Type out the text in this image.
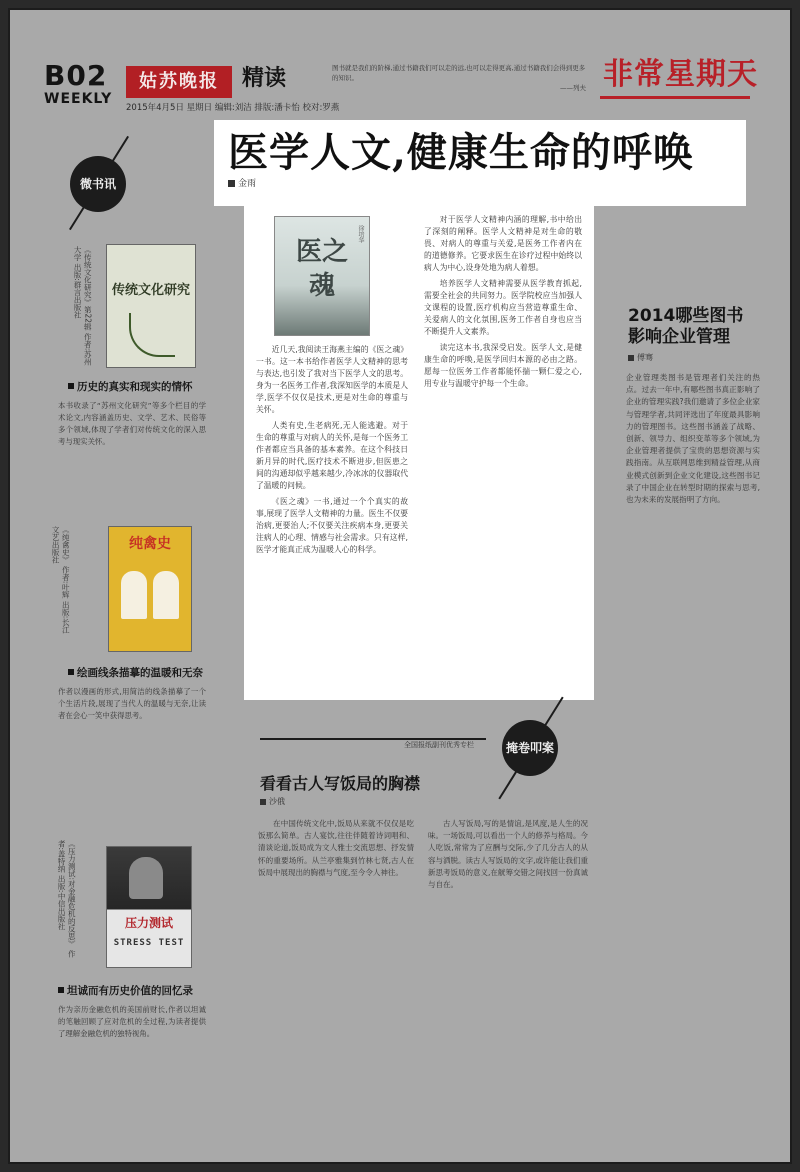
B02
WEEKLY
姑苏晚报	精读
2015年4月5日 星期日 编辑:刘洁 排版:潘卡怡 校对:罗燕
图书就是我们的阶梯,通过书籍我们可以走的远,也可以走得更高,通过书籍我们会得到更多的知识。
——列夫 非常星期天
医学人文,健康生命的呼唤
金雨
徐培华
医之
魂

近几天,我阅读王海燕主编的《医之魂》一书。这一本书给作者医学人文精神的思考与表达,也引发了我对当下医学人文的思考。身为一名医务工作者,我深知医学的本质是人学,医学不仅仅是技术,更是对生命的尊重与关怀。

人类有史,生老病死,无人能逃避。对于生命的尊重与对病人的关怀,是每一个医务工作者都应当具备的基本素养。在这个科技日新月异的时代,医疗技术不断进步,但医患之间的沟通却似乎越来越少,冷冰冰的仪器取代了温暖的问候。

《医之魂》一书,通过一个个真实的故事,展现了医学人文精神的力量。医生不仅要治病,更要治人;不仅要关注疾病本身,更要关注病人的心理、情感与社会需求。只有这样,医学才能真正成为温暖人心的科学。

对于医学人文精神内涵的理解,书中给出了深刻的阐释。医学人文精神是对生命的敬畏、对病人的尊重与关爱,是医务工作者内在的道德修养。它要求医生在诊疗过程中始终以病人为中心,设身处地为病人着想。

培养医学人文精神需要从医学教育抓起,需要全社会的共同努力。医学院校应当加强人文课程的设置,医疗机构应当营造尊重生命、关爱病人的文化氛围,医务工作者自身也应当不断提升人文素养。

读完这本书,我深受启发。医学人文,是健康生命的呼唤,是医学回归本源的必由之路。愿每一位医务工作者都能怀揣一颗仁爱之心,用专业与温暖守护每一个生命。

2014哪些图书
影响企业管理
傅骞
企业管理类图书是管理者们关注的热点。过去一年中,有哪些图书真正影响了企业的管理实践?我们邀请了多位企业家与管理学者,共同评选出了年度最具影响力的管理图书。这些图书涵盖了战略、创新、领导力、组织变革等多个领域,为企业管理者提供了宝贵的思想资源与实践指南。从互联网思维到精益管理,从商业模式创新到企业文化建设,这些图书记录了中国企业在转型时期的探索与思考,也为未来的发展指明了方向。
微书讯
《传统文化研究》第22辑 作者:苏州大学 出版:群言出版社	传统文化研究
历史的真实和现实的情怀
本书收录了“苏州文化研究”等多个栏目的学术论文,内容涵盖历史、文学、艺术、民俗等多个领域,体现了学者们对传统文化的深入思考与现实关怀。
《纯禽史》 作者:叶辉 出版:长江文艺出版社	纯禽史
绘画线条描摹的温暖和无奈
作者以漫画的形式,用简洁的线条描摹了一个个生活片段,展现了当代人的温暖与无奈,让读者在会心一笑中获得思考。
《压力测试:对金融危机的反思》 作者:盖特纳 出版:中信出版社	压力测试
STRESS TEST
坦诚而有历史价值的回忆录
作为亲历金融危机的美国前财长,作者以坦诚的笔触回顾了应对危机的全过程,为读者提供了理解金融危机的独特视角。
全国报纸副刊优秀专栏	掩卷叩案
看看古人写饭局的胸襟
沙俄
在中国传统文化中,饭局从来就不仅仅是吃饭那么简单。古人宴饮,往往伴随着诗词唱和、清谈论道,饭局成为文人雅士交流思想、抒发情怀的重要场所。从兰亭雅集到竹林七贤,古人在饭局中展现出的胸襟与气度,至今令人神往。
古人写饭局,写的是情谊,是风度,是人生的况味。一场饭局,可以看出一个人的修养与格局。今人吃饭,常常为了应酬与交际,少了几分古人的从容与洒脱。读古人写饭局的文字,或许能让我们重新思考饭局的意义,在觥筹交错之间找回一份真诚与自在。
